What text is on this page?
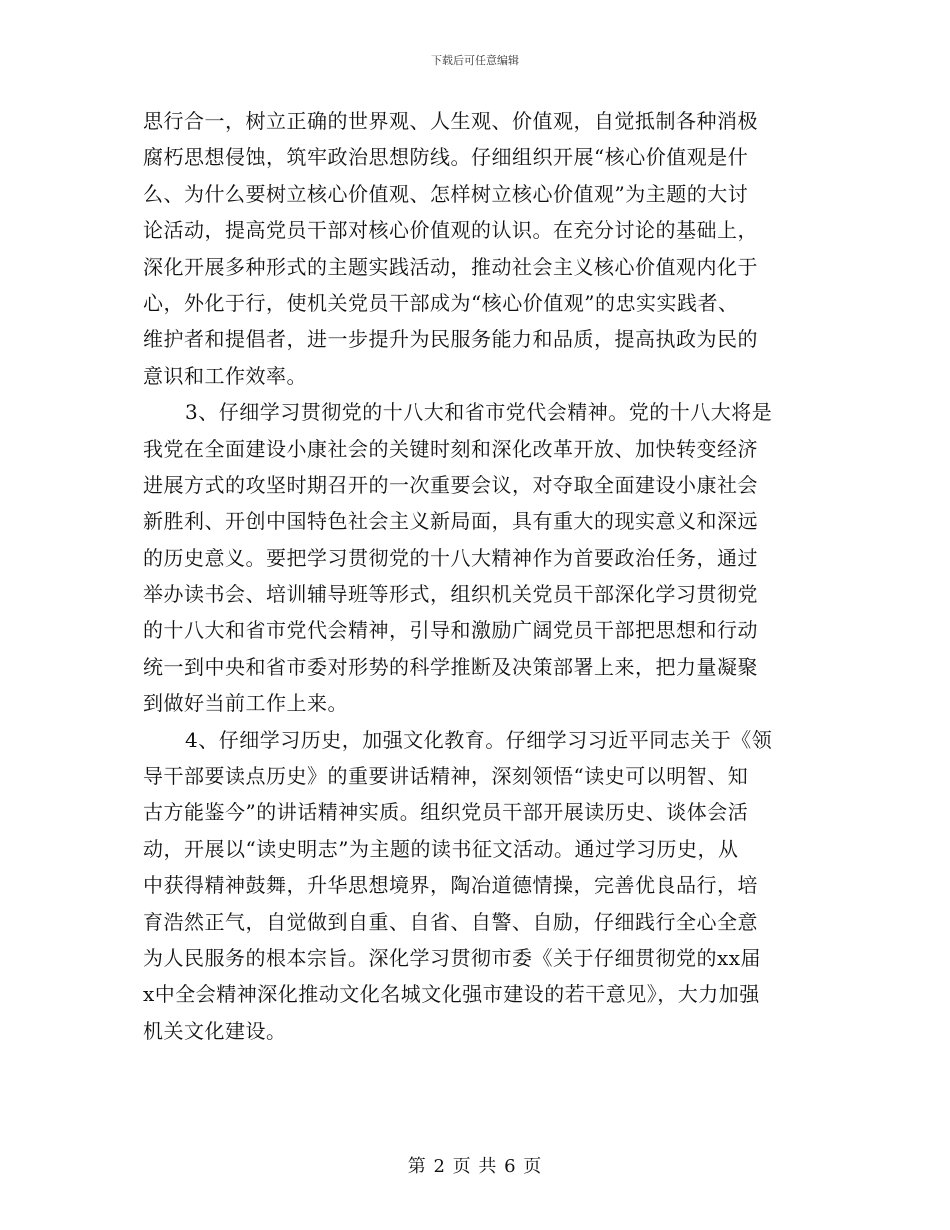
下载后可任意编辑
思行合一，树立正确的世界观、人生观、价值观，自觉抵制各种消极
腐朽思想侵蚀，筑牢政治思想防线。仔细组织开展“核心价值观是什
么、为什么要树立核心价值观、怎样树立核心价值观”为主题的大讨
论活动，提高党员干部对核心价值观的认识。在充分讨论的基础上，
深化开展多种形式的主题实践活动，推动社会主义核心价值观内化于
心，外化于行，使机关党员干部成为“核心价值观”的忠实实践者、
维护者和提倡者，进一步提升为民服务能力和品质，提高执政为民的
意识和工作效率。
3、仔细学习贯彻党的十八大和省市党代会精神。党的十八大将是
我党在全面建设小康社会的关键时刻和深化改革开放、加快转变经济
进展方式的攻坚时期召开的一次重要会议，对夺取全面建设小康社会
新胜利、开创中国特色社会主义新局面，具有重大的现实意义和深远
的历史意义。要把学习贯彻党的十八大精神作为首要政治任务，通过
举办读书会、培训辅导班等形式，组织机关党员干部深化学习贯彻党
的十八大和省市党代会精神，引导和激励广阔党员干部把思想和行动
统一到中央和省市委对形势的科学推断及决策部署上来，把力量凝聚
到做好当前工作上来。
4、仔细学习历史，加强文化教育。仔细学习习近平同志关于《领
导干部要读点历史》的重要讲话精神，深刻领悟“读史可以明智、知
古方能鉴今”的讲话精神实质。组织党员干部开展读历史、谈体会活
动，开展以“读史明志”为主题的读书征文活动。通过学习历史，从
中获得精神鼓舞，升华思想境界，陶冶道德情操，完善优良品行，培
育浩然正气，自觉做到自重、自省、自警、自励，仔细践行全心全意
为人民服务的根本宗旨。深化学习贯彻市委《关于仔细贯彻党的xx届
x中全会精神深化推动文化名城文化强市建设的若干意见》，大力加强
机关文化建设。
第 2 页 共 6 页
